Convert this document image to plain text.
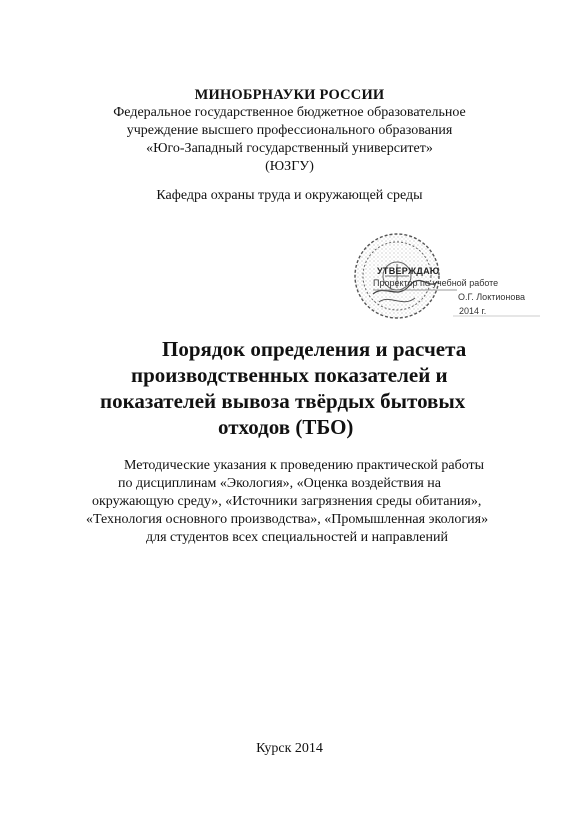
МИНОБРНАУКИ РОССИИ
Федеральное государственное бюджетное образовательное
учреждение высшего профессионального образования
«Юго-Западный государственный университет»
(ЮЗГУ)
Кафедра охраны труда и окружающей среды
УТВЕРЖДАЮ
Проректор по учебной работе
О.Г. Локтионова
2014 г.
Порядок определения и расчета
производственных показателей и
показателей вывоза твёрдых бытовых
отходов (ТБО)
Методические указания к проведению практической работы
по дисциплинам «Экология», «Оценка воздействия на
окружающую среду», «Источники загрязнения среды обитания»,
«Технология основного производства», «Промышленная экология»
для студентов всех специальностей и направлений
Курск 2014
